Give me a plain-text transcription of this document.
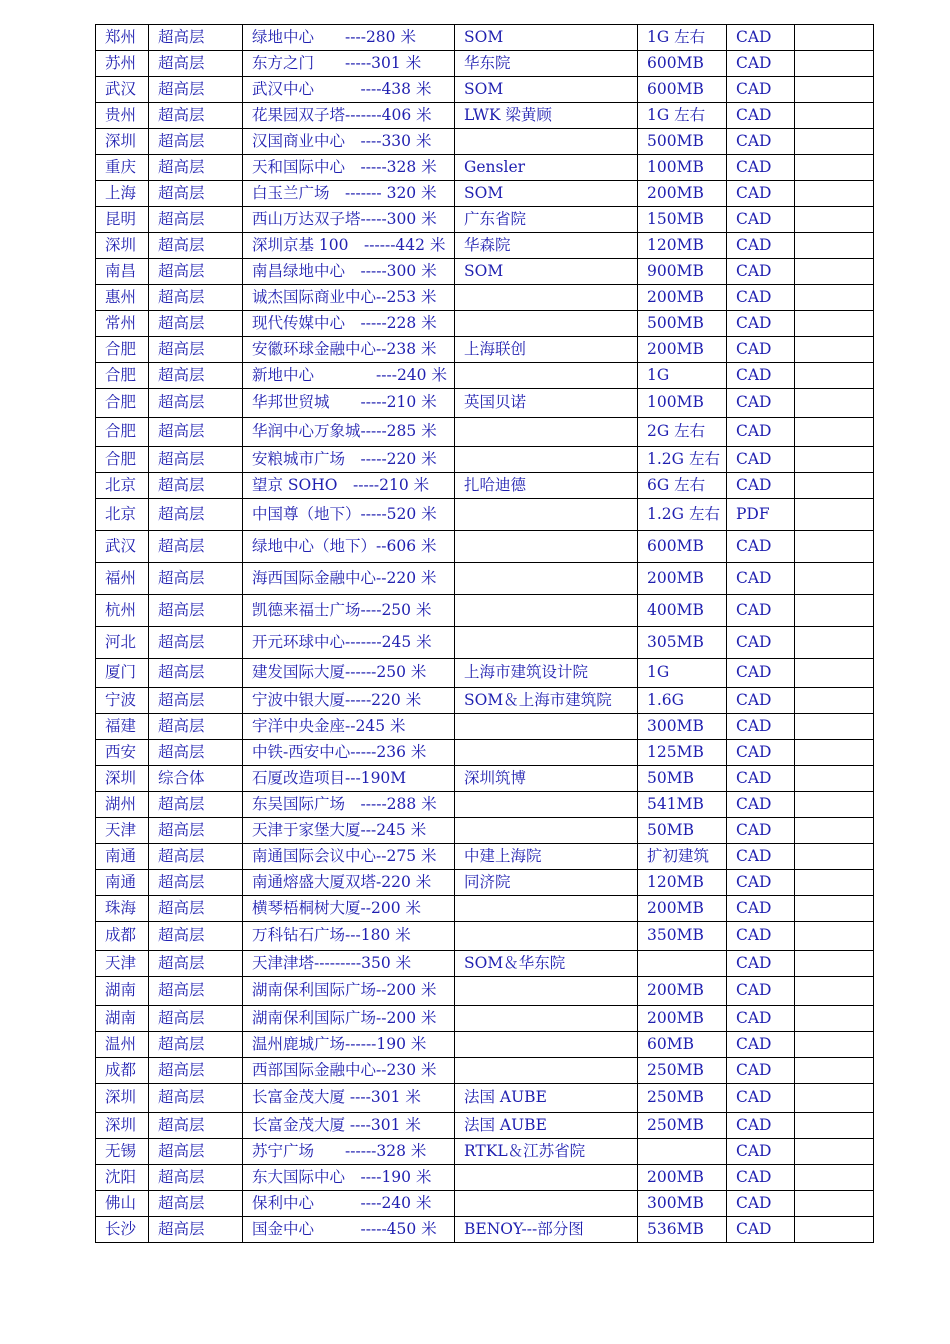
郑州	超高层	绿地中心　　----280 米	SOM	1G 左右	CAD	
苏州	超高层	东方之门　　-----301 米	华东院	600MB	CAD	
武汉	超高层	武汉中心　　　----438 米	SOM	600MB	CAD	
贵州	超高层	花果园双子塔-------406 米	LWK 梁黄顾	1G 左右	CAD	
深圳	超高层	汉国商业中心　----330 米		500MB	CAD	
重庆	超高层	天和国际中心　-----328 米	Gensler	100MB	CAD	
上海	超高层	白玉兰广场　------- 320 米	SOM	200MB	CAD	
昆明	超高层	西山万达双子塔-----300 米	广东省院	150MB	CAD	
深圳	超高层	深圳京基 100　------442 米	华森院	120MB	CAD	
南昌	超高层	南昌绿地中心　-----300 米	SOM	900MB	CAD	
惠州	超高层	诚杰国际商业中心--253 米		200MB	CAD	
常州	超高层	现代传媒中心　-----228 米		500MB	CAD	
合肥	超高层	安徽环球金融中心--238 米	上海联创	200MB	CAD	
合肥	超高层	新地中心　　　　----240 米		1G	CAD	
合肥	超高层	华邦世贸城　　-----210 米	英国贝诺	100MB	CAD	
合肥	超高层	华润中心万象城-----285 米		2G 左右	CAD	
合肥	超高层	安粮城市广场　-----220 米		1.2G 左右	CAD	
北京	超高层	望京 SOHO　-----210 米	扎哈迪德	6G 左右	CAD	
北京	超高层	中国尊（地下）-----520 米		1.2G 左右	PDF	
武汉	超高层	绿地中心（地下）--606 米		600MB	CAD	
福州	超高层	海西国际金融中心--220 米		200MB	CAD	
杭州	超高层	凯德来福士广场----250 米		400MB	CAD	
河北	超高层	开元环球中心-------245 米		305MB	CAD	
厦门	超高层	建发国际大厦------250 米	上海市建筑设计院	1G	CAD	
宁波	超高层	宁波中银大厦-----220 米	SOM＆上海市建筑院	1.6G	CAD	
福建	超高层	宇洋中央金座--245 米		300MB	CAD	
西安	超高层	中铁-西安中心-----236 米		125MB	CAD	
深圳	综合体	石厦改造项目---190M	深圳筑博	50MB	CAD	
湖州	超高层	东吴国际广场　-----288 米		541MB	CAD	
天津	超高层	天津于家堡大厦---245 米		50MB	CAD	
南通	超高层	南通国际会议中心--275 米	中建上海院	扩初建筑	CAD	
南通	超高层	南通熔盛大厦双塔-220 米	同济院	120MB	CAD	
珠海	超高层	横琴梧桐树大厦--200 米		200MB	CAD	
成都	超高层	万科钻石广场---180 米		350MB	CAD	
天津	超高层	天津津塔---------350 米	SOM＆华东院		CAD	
湖南	超高层	湖南保利国际广场--200 米		200MB	CAD	
湖南	超高层	湖南保利国际广场--200 米		200MB	CAD	
温州	超高层	温州鹿城广场------190 米		60MB	CAD	
成都	超高层	西部国际金融中心--230 米		250MB	CAD	
深圳	超高层	长富金茂大厦 ----301 米	法国 AUBE	250MB	CAD	
深圳	超高层	长富金茂大厦 ----301 米	法国 AUBE	250MB	CAD	
无锡	超高层	苏宁广场　　------328 米	RTKL＆江苏省院		CAD	
沈阳	超高层	东大国际中心　----190 米		200MB	CAD	
佛山	超高层	保利中心　　　----240 米		300MB	CAD	
长沙	超高层	国金中心　　　-----450 米	BENOY---部分图	536MB	CAD	
